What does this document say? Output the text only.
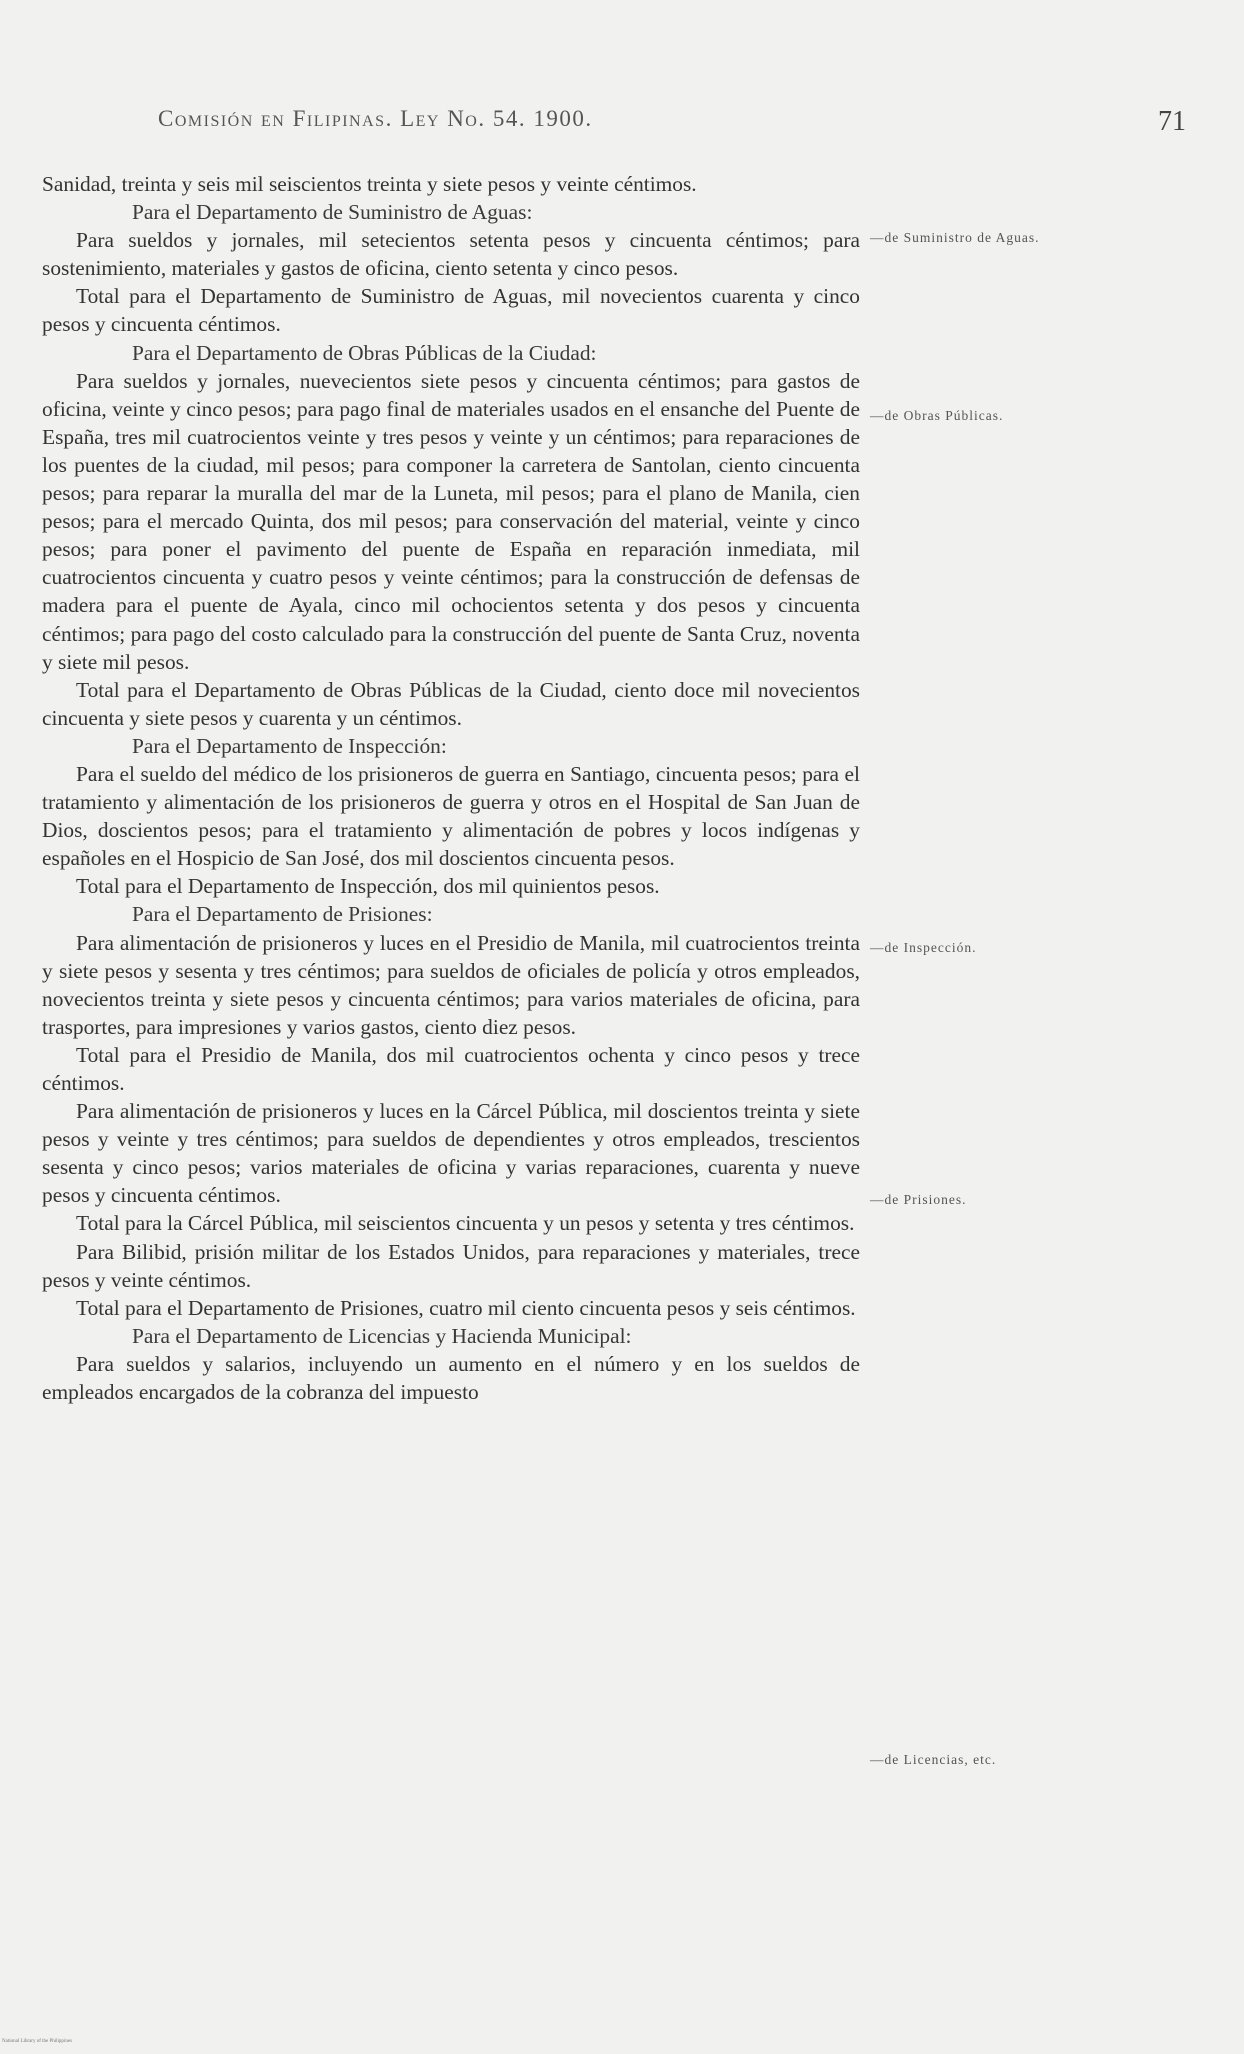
Comisión en Filipinas. Ley No. 54. 1900.	71

Sanidad, treinta y seis mil seiscientos treinta y siete pesos y veinte céntimos.

Para el Departamento de Suministro de Aguas:

Para sueldos y jornales, mil setecientos setenta pesos y cincuenta céntimos; para sostenimiento, materiales y gastos de oficina, ciento setenta y cinco pesos.

Total para el Departamento de Suministro de Aguas, mil novecientos cuarenta y cinco pesos y cincuenta céntimos.

Para el Departamento de Obras Públicas de la Ciudad:

Para sueldos y jornales, nuevecientos siete pesos y cincuenta céntimos; para gastos de oficina, veinte y cinco pesos; para pago final de materiales usados en el ensanche del Puente de España, tres mil cuatrocientos veinte y tres pesos y veinte y un céntimos; para reparaciones de los puentes de la ciudad, mil pesos; para componer la carretera de Santolan, ciento cincuenta pesos; para reparar la muralla del mar de la Luneta, mil pesos; para el plano de Manila, cien pesos; para el mercado Quinta, dos mil pesos; para conservación del material, veinte y cinco pesos; para poner el pavimento del puente de España en reparación inmediata, mil cuatrocientos cincuenta y cuatro pesos y veinte céntimos; para la construcción de defensas de madera para el puente de Ayala, cinco mil ochocientos setenta y dos pesos y cincuenta céntimos; para pago del costo calculado para la construcción del puente de Santa Cruz, noventa y siete mil pesos.

Total para el Departamento de Obras Públicas de la Ciudad, ciento doce mil novecientos cincuenta y siete pesos y cuarenta y un céntimos.

Para el Departamento de Inspección:

Para el sueldo del médico de los prisioneros de guerra en Santiago, cincuenta pesos; para el tratamiento y alimentación de los prisioneros de guerra y otros en el Hospital de San Juan de Dios, doscientos pesos; para el tratamiento y alimentación de pobres y locos indígenas y españoles en el Hospicio de San José, dos mil doscientos cincuenta pesos.

Total para el Departamento de Inspección, dos mil quinientos pesos.

Para el Departamento de Prisiones:

Para alimentación de prisioneros y luces en el Presidio de Manila, mil cuatrocientos treinta y siete pesos y sesenta y tres céntimos; para sueldos de oficiales de policía y otros empleados, novecientos treinta y siete pesos y cincuenta céntimos; para varios materiales de oficina, para trasportes, para impresiones y varios gastos, ciento diez pesos.

Total para el Presidio de Manila, dos mil cuatrocientos ochenta y cinco pesos y trece céntimos.

Para alimentación de prisioneros y luces en la Cárcel Pública, mil doscientos treinta y siete pesos y veinte y tres céntimos; para sueldos de dependientes y otros empleados, trescientos sesenta y cinco pesos; varios materiales de oficina y varias reparaciones, cuarenta y nueve pesos y cincuenta céntimos.

Total para la Cárcel Pública, mil seiscientos cincuenta y un pesos y setenta y tres céntimos.

Para Bilibid, prisión militar de los Estados Unidos, para reparaciones y materiales, trece pesos y veinte céntimos.

Total para el Departamento de Prisiones, cuatro mil ciento cincuenta pesos y seis céntimos.

Para el Departamento de Licencias y Hacienda Municipal:

Para sueldos y salarios, incluyendo un aumento en el número y en los sueldos de empleados encargados de la cobranza del impuesto

—de Suministro de Aguas.
—de Obras Públicas.
—de Inspección.
—de Prisiones.
—de Licencias, etc.
National Library of the Philippines
